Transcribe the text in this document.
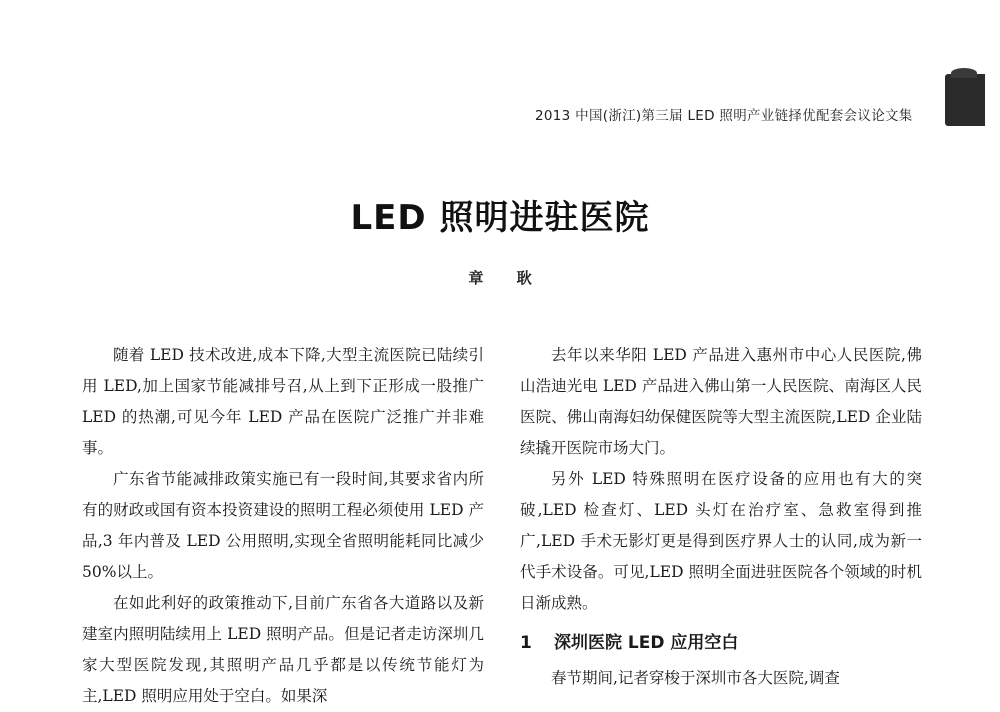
2013 中国(浙江)第三届 LED 照明产业链择优配套会议论文集
LED 照明进驻医院
章 耿

随着 LED 技术改进,成本下降,大型主流医院已陆续引用 LED,加上国家节能减排号召,从上到下正形成一股推广 LED 的热潮,可见今年 LED 产品在医院广泛推广并非难事。

广东省节能减排政策实施已有一段时间,其要求省内所有的财政或国有资本投资建设的照明工程必须使用 LED 产品,3 年内普及 LED 公用照明,实现全省照明能耗同比减少 50%以上。

在如此利好的政策推动下,目前广东省各大道路以及新建室内照明陆续用上 LED 照明产品。但是记者走访深圳几家大型医院发现,其照明产品几乎都是以传统节能灯为主,LED 照明应用处于空白。如果深

去年以来华阳 LED 产品进入惠州市中心人民医院,佛山浩迪光电 LED 产品进入佛山第一人民医院、南海区人民医院、佛山南海妇幼保健医院等大型主流医院,LED 企业陆续撬开医院市场大门。

另外 LED 特殊照明在医疗设备的应用也有大的突破,LED 检查灯、LED 头灯在治疗室、急救室得到推广,LED 手术无影灯更是得到医疗界人士的认同,成为新一代手术设备。可见,LED 照明全面进驻医院各个领域的时机日渐成熟。

1 深圳医院 LED 应用空白

春节期间,记者穿梭于深圳市各大医院,调查
